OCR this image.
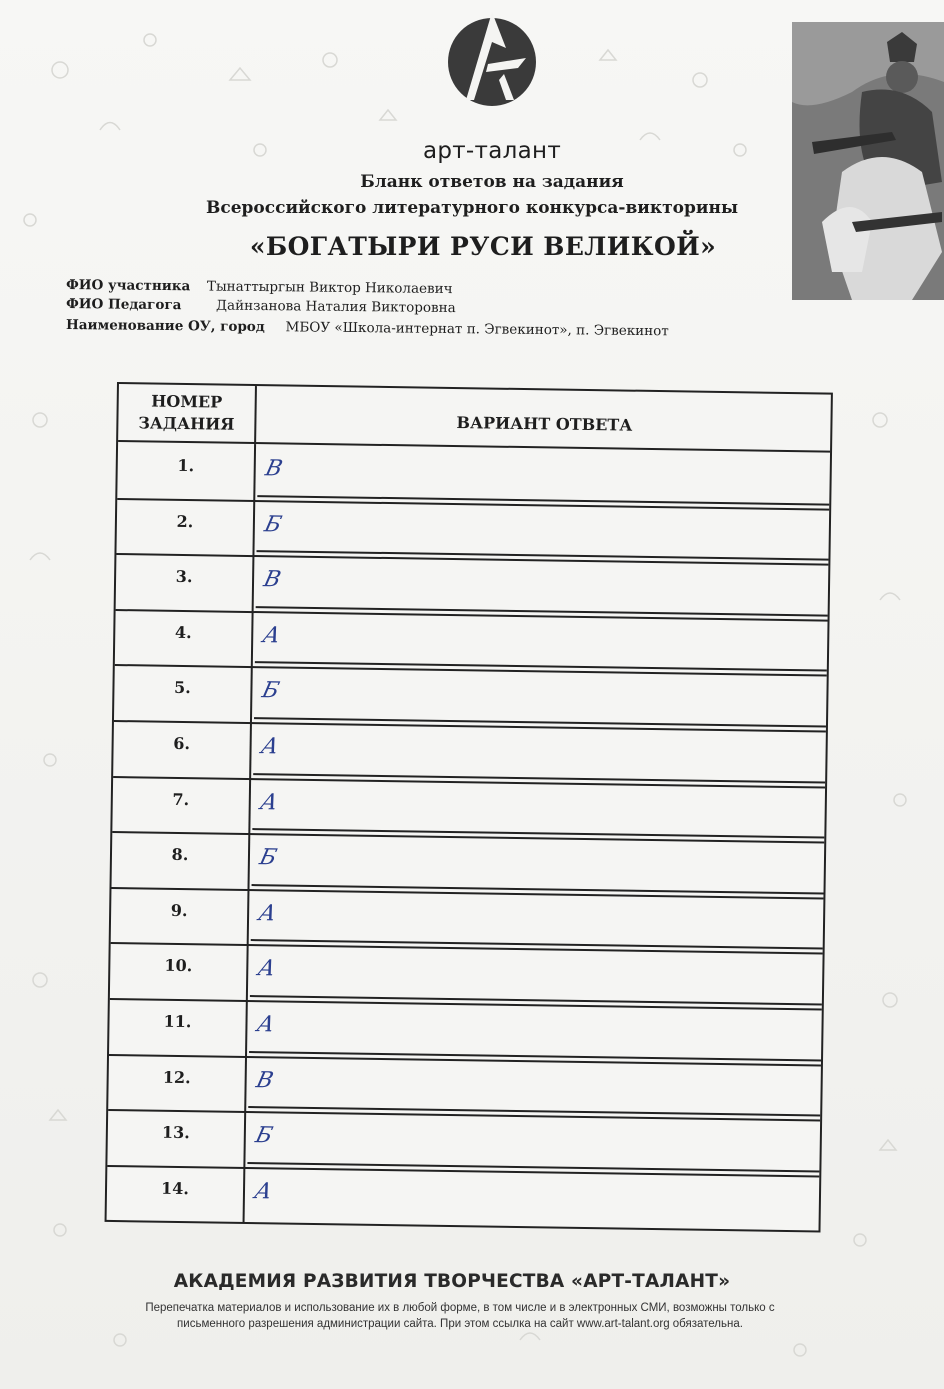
арт-талант
Бланк ответов на задания
Всероссийского литературного конкурса-викторины
«БОГАТЫРИ РУСИ ВЕЛИКОЙ»
ФИО участника Тынаттыргын Виктор Николаевич
ФИО Педагога	Дайнзанова Наталия Викторовна
Наименование ОУ, город МБОУ «Школа-интернат п. Эгвекинот», п. Эгвекинот
НОМЕР
ЗАДАНИЯ	ВАРИАНТ ОТВЕТА
1.	В
2.	Б
3.	В
4.	А
5.	Б
6.	А
7.	А
8.	Б
9.	А
10.	А
11.	А
12.	В
13.	Б
14.	А
АКАДЕМИЯ РАЗВИТИЯ ТВОРЧЕСТВА «АРТ-ТАЛАНТ»
Перепечатка материалов и использование их в любой форме, в том числе и в электронных СМИ, возможны только с
письменного разрешения администрации сайта. При этом ссылка на сайт www.art-talant.org обязательна.
